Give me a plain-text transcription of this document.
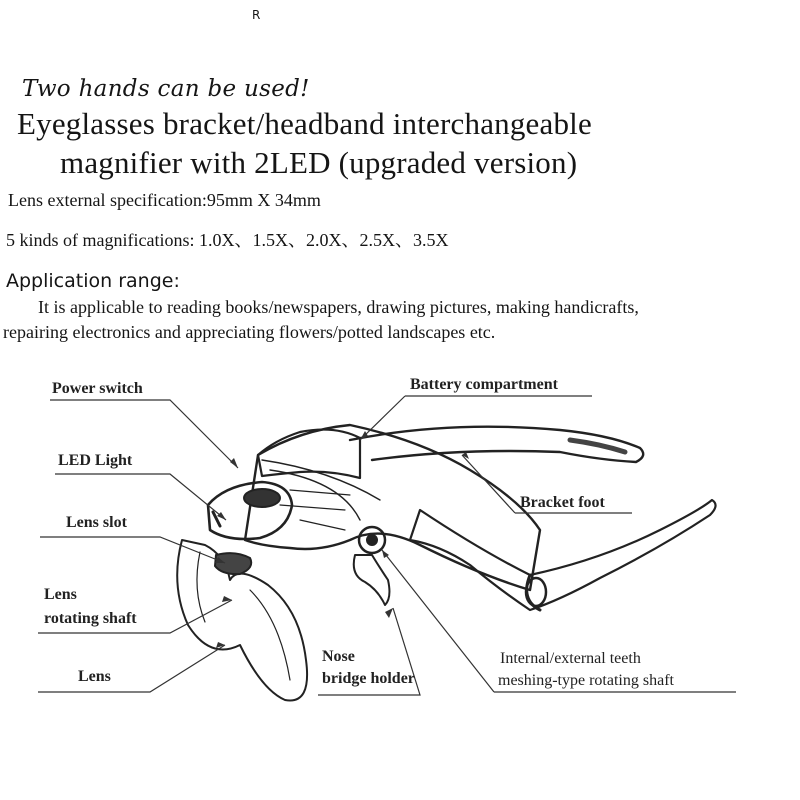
R
Two hands can be used!
Eyeglasses bracket/headband interchangeable
magnifier with 2LED (upgraded version)
Lens external specification:95mm X 34mm
5 kinds of magnifications: 1.0X、1.5X、2.0X、2.5X、3.5X
Application range:
It is applicable to reading books/newspapers, drawing pictures, making handicrafts,
repairing electronics and appreciating flowers/potted landscapes etc.
Power switch
LED Light
Lens slot
Lens
rotating shaft
Lens
Nose
bridge holder
Battery compartment
Bracket foot
Internal/external teeth
meshing-type rotating shaft
